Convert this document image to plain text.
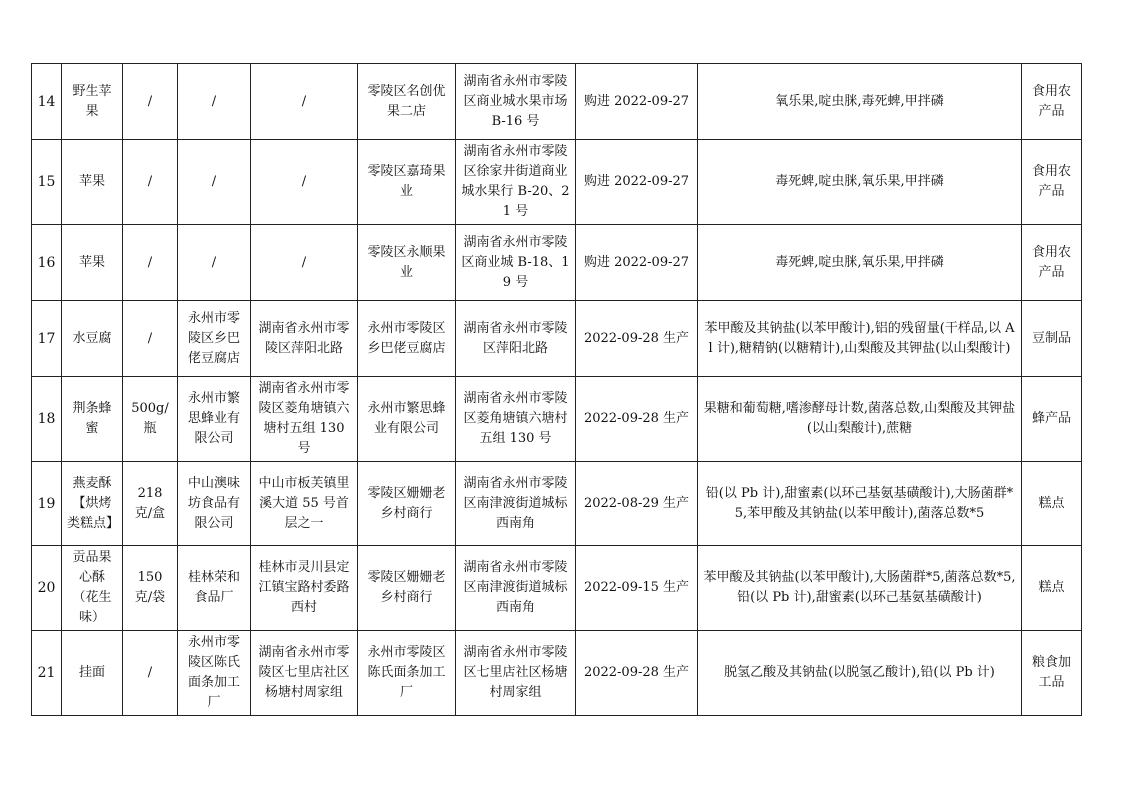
14	野生苹果	/	/	/	零陵区名创优果二店	湖南省永州市零陵区商业城水果市场 B-16 号	购进 2022-09-27	氧乐果,啶虫脒,毒死蜱,甲拌磷	食用农产品
15	苹果	/	/	/	零陵区嘉琦果业	湖南省永州市零陵区徐家井街道商业城水果行 B-20、21 号	购进 2022-09-27	毒死蜱,啶虫脒,氧乐果,甲拌磷	食用农产品
16	苹果	/	/	/	零陵区永顺果业	湖南省永州市零陵区商业城 B-18、19 号	购进 2022-09-27	毒死蜱,啶虫脒,氧乐果,甲拌磷	食用农产品
17	水豆腐	/	永州市零陵区乡巴佬豆腐店	湖南省永州市零陵区萍阳北路	永州市零陵区乡巴佬豆腐店	湖南省永州市零陵区萍阳北路	2022-09-28 生产	苯甲酸及其钠盐(以苯甲酸计),铝的残留量(干样品,以 Al 计),糖精钠(以糖精计),山梨酸及其钾盐(以山梨酸计)	豆制品
18	荆条蜂蜜	500g/瓶	永州市繁思蜂业有限公司	湖南省永州市零陵区菱角塘镇六塘村五组 130 号	永州市繁思蜂业有限公司	湖南省永州市零陵区菱角塘镇六塘村五组 130 号	2022-09-28 生产	果糖和葡萄糖,嗜渗酵母计数,菌落总数,山梨酸及其钾盐(以山梨酸计),蔗糖	蜂产品
19	燕麦酥【烘烤类糕点】	218 克/盒	中山澳味坊食品有限公司	中山市板芙镇里溪大道 55 号首层之一	零陵区姗姗老乡村商行	湖南省永州市零陵区南津渡街道城标西南角	2022-08-29 生产	铅(以 Pb 计),甜蜜素(以环己基氨基磺酸计),大肠菌群*5,苯甲酸及其钠盐(以苯甲酸计),菌落总数*5	糕点
20	贡品果心酥（花生味）	150 克/袋	桂林荣和食品厂	桂林市灵川县定江镇宝路村委路西村	零陵区姗姗老乡村商行	湖南省永州市零陵区南津渡街道城标西南角	2022-09-15 生产	苯甲酸及其钠盐(以苯甲酸计),大肠菌群*5,菌落总数*5,铅(以 Pb 计),甜蜜素(以环己基氨基磺酸计)	糕点
21	挂面	/	永州市零陵区陈氏面条加工厂	湖南省永州市零陵区七里店社区杨塘村周家组	永州市零陵区陈氏面条加工厂	湖南省永州市零陵区七里店社区杨塘村周家组	2022-09-28 生产	脱氢乙酸及其钠盐(以脱氢乙酸计),铅(以 Pb 计)	粮食加工品
